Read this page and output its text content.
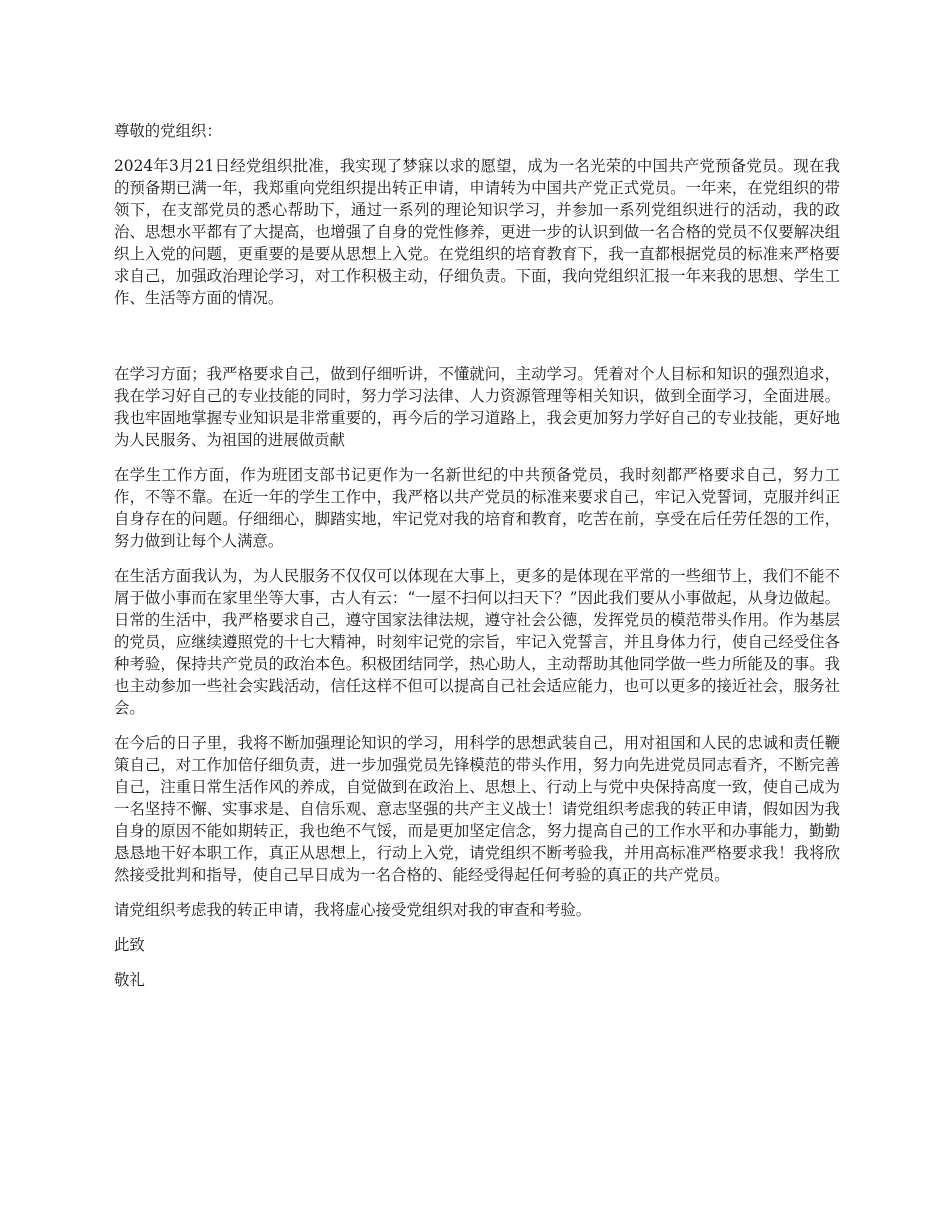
尊敬的党组织：

2024年3月21日经党组织批准，我实现了梦寐以求的愿望，成为一名光荣的中国共产党预备党员。现在我的预备期已满一年，我郑重向党组织提出转正申请，申请转为中国共产党正式党员。一年来，在党组织的带领下，在支部党员的悉心帮助下，通过一系列的理论知识学习，并参加一系列党组织进行的活动，我的政治、思想水平都有了大提高，也增强了自身的党性修养，更进一步的认识到做一名合格的党员不仅要解决组织上入党的问题，更重要的是要从思想上入党。在党组织的培育教育下，我一直都根据党员的标准来严格要求自己，加强政治理论学习，对工作积极主动，仔细负责。下面，我向党组织汇报一年来我的思想、学生工作、生活等方面的情况。

在学习方面；我严格要求自己，做到仔细听讲，不懂就问，主动学习。凭着对个人目标和知识的强烈追求，我在学习好自己的专业技能的同时，努力学习法律、人力资源管理等相关知识，做到全面学习，全面进展。我也牢固地掌握专业知识是非常重要的，再今后的学习道路上，我会更加努力学好自己的专业技能，更好地为人民服务、为祖国的进展做贡献

在学生工作方面，作为班团支部书记更作为一名新世纪的中共预备党员，我时刻都严格要求自己，努力工作，不等不靠。在近一年的学生工作中，我严格以共产党员的标准来要求自己，牢记入党誓词，克服并纠正自身存在的问题。仔细细心，脚踏实地，牢记党对我的培育和教育，吃苦在前，享受在后任劳任怨的工作，努力做到让每个人满意。

在生活方面我认为，为人民服务不仅仅可以体现在大事上，更多的是体现在平常的一些细节上，我们不能不屑于做小事而在家里坐等大事，古人有云：“一屋不扫何以扫天下？”因此我们要从小事做起，从身边做起。日常的生活中，我严格要求自己，遵守国家法律法规，遵守社会公德，发挥党员的模范带头作用。作为基层的党员，应继续遵照党的十七大精神，时刻牢记党的宗旨，牢记入党誓言，并且身体力行，使自己经受住各种考验，保持共产党员的政治本色。积极团结同学，热心助人，主动帮助其他同学做一些力所能及的事。我也主动参加一些社会实践活动，信任这样不但可以提高自己社会适应能力，也可以更多的接近社会，服务社会。

在今后的日子里，我将不断加强理论知识的学习，用科学的思想武装自己，用对祖国和人民的忠诚和责任鞭策自己，对工作加倍仔细负责，进一步加强党员先锋模范的带头作用，努力向先进党员同志看齐，不断完善自己，注重日常生活作风的养成，自觉做到在政治上、思想上、行动上与党中央保持高度一致，使自己成为一名坚持不懈、实事求是、自信乐观、意志坚强的共产主义战士！请党组织考虑我的转正申请，假如因为我自身的原因不能如期转正，我也绝不气馁，而是更加坚定信念，努力提高自己的工作水平和办事能力，勤勤恳恳地干好本职工作，真正从思想上，行动上入党，请党组织不断考验我，并用高标准严格要求我！我将欣然接受批判和指导，使自己早日成为一名合格的、能经受得起任何考验的真正的共产党员。

请党组织考虑我的转正申请，我将虚心接受党组织对我的审查和考验。

此致

敬礼
